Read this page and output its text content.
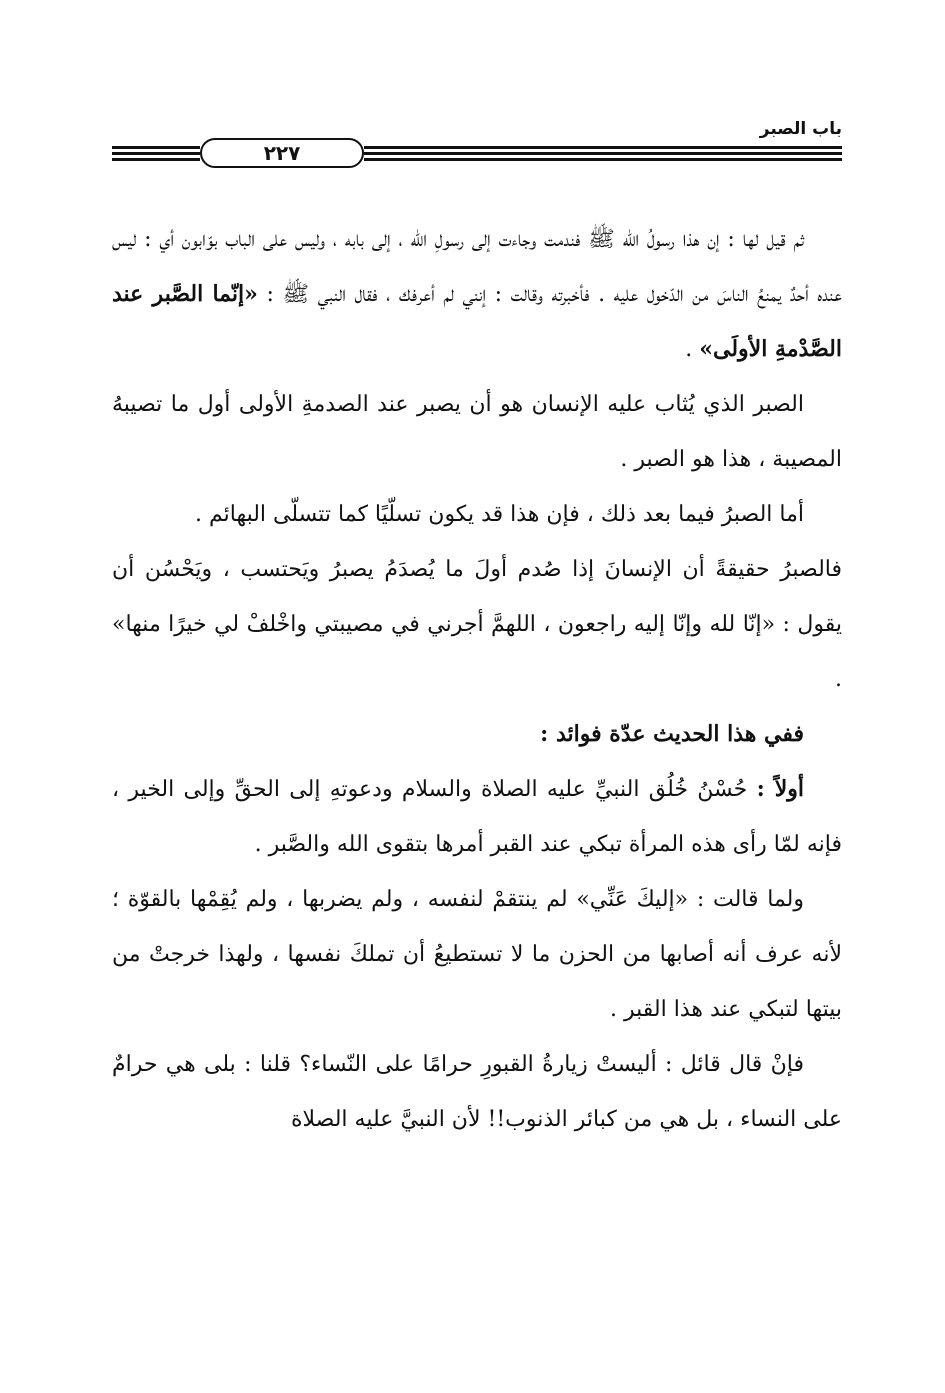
باب الصبر
٢٢٧

ثم قيل لها : إن هذا رسولُ الله ﷺ فندمت وجاءت إلى رسولِ الله ، إلى بابه ، وليس على الباب بوّابون أي : ليس عنده أحدٌ يمنعُ الناسَ من الدّخول عليه . فأخبرته وقالت : إنني لم أعرفك ، فقال النبي ﷺ : «إنّما الصَّبر عند الصَّدْمةِ الأولَى» .

الصبر الذي يُثاب عليه الإنسان هو أن يصبر عند الصدمةِ الأولى أول ما تصيبهُ المصيبة ، هذا هو الصبر .

أما الصبرُ فيما بعد ذلك ، فإن هذا قد يكون تسلّيًا كما تتسلّى البهائم .

فالصبرُ حقيقةً أن الإنسانَ إذا صُدم أولَ ما يُصدَمُ يصبرُ ويَحتسب ، ويَحْسُن أن يقول : «إنّا لله وإنّا إليه راجعون ، اللهمَّ أجرني في مصيبتي واخْلفْ لي خيرًا منها» .

ففي هذا الحديث عدّة فوائد :

أولاً : حُسْنُ خُلُق النبيِّ عليه الصلاة والسلام ودعوتهِ إلى الحقِّ وإلى الخير ، فإنه لمّا رأى هذه المرأة تبكي عند القبر أمرها بتقوى الله والصَّبر .

ولما قالت : «إليكَ عَنِّي» لم ينتقمْ لنفسه ، ولم يضربها ، ولم يُقِمْها بالقوّة ؛ لأنه عرف أنه أصابها من الحزن ما لا تستطيعُ أن تملكَ نفسها ، ولهذا خرجتْ من بيتها لتبكي عند هذا القبر .

فإنْ قال قائل : أليستْ زيارةُ القبورِ حرامًا على النّساء؟ قلنا : بلى هي حرامٌ على النساء ، بل هي من كبائر الذنوب!! لأن النبيَّ عليه الصلاة
